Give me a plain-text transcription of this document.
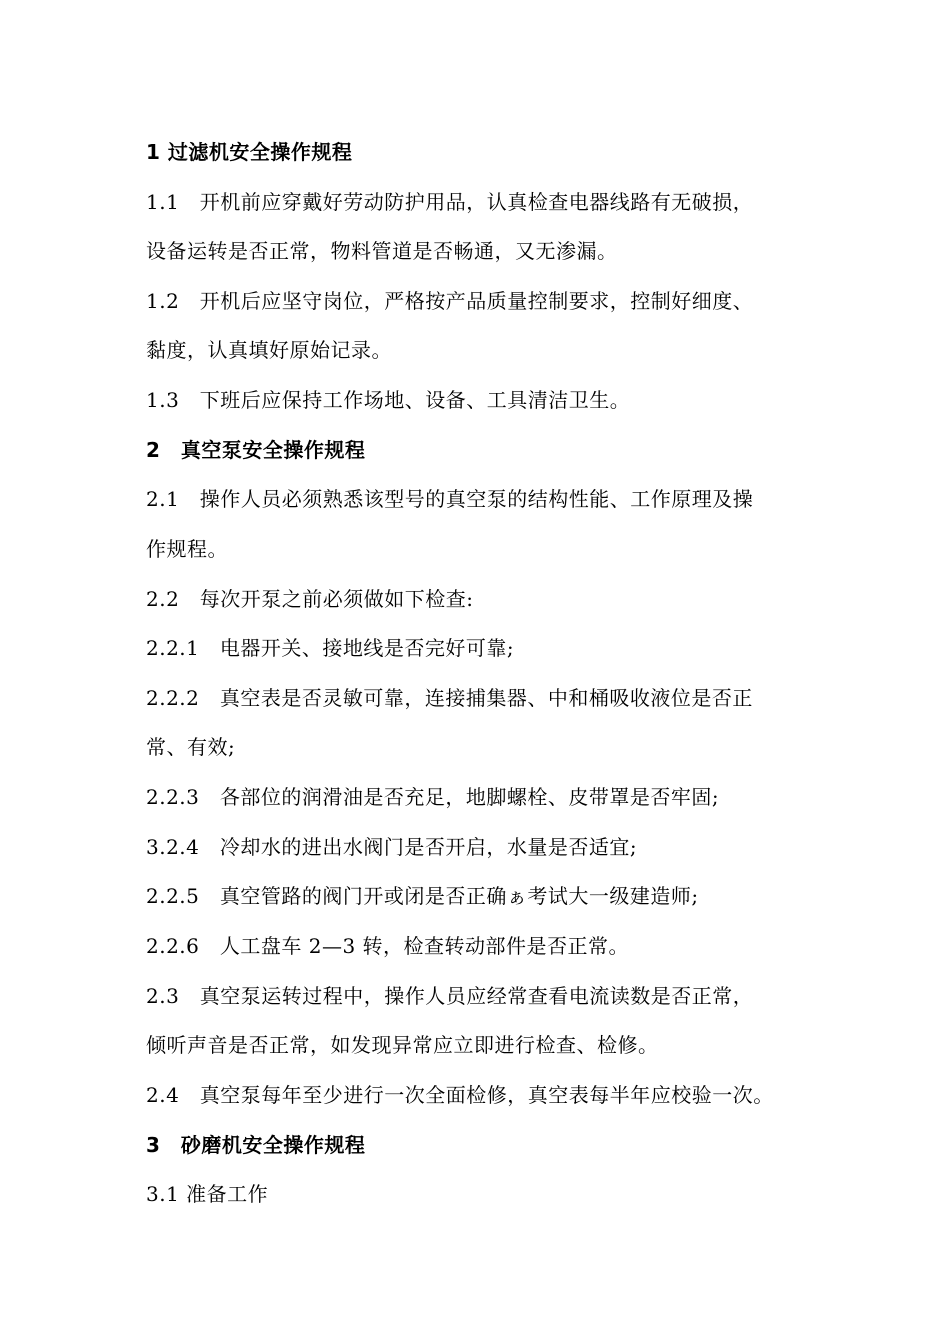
1 过滤机安全操作规程
1.1　开机前应穿戴好劳动防护用品，认真检查电器线路有无破损，
设备运转是否正常，物料管道是否畅通，又无渗漏。
1.2　开机后应坚守岗位，严格按产品质量控制要求，控制好细度、
黏度，认真填好原始记录。
1.3　下班后应保持工作场地、设备、工具清洁卫生。
2　真空泵安全操作规程
2.1　操作人员必须熟悉该型号的真空泵的结构性能、工作原理及操
作规程。
2.2　每次开泵之前必须做如下检查:
2.2.1　电器开关、接地线是否完好可靠;
2.2.2　真空表是否灵敏可靠，连接捕集器、中和桶吸收液位是否正
常、有效;
2.2.3　各部位的润滑油是否充足，地脚螺栓、皮带罩是否牢固;
3.2.4　冷却水的进出水阀门是否开启，水量是否适宜;
2.2.5　真空管路的阀门开或闭是否正确ぁ考试大一级建造师;
2.2.6　人工盘车 2—3 转，检查转动部件是否正常。
2.3　真空泵运转过程中，操作人员应经常查看电流读数是否正常，
倾听声音是否正常，如发现异常应立即进行检查、检修。
2.4　真空泵每年至少进行一次全面检修，真空表每半年应校验一次。
3　砂磨机安全操作规程
3.1 准备工作
